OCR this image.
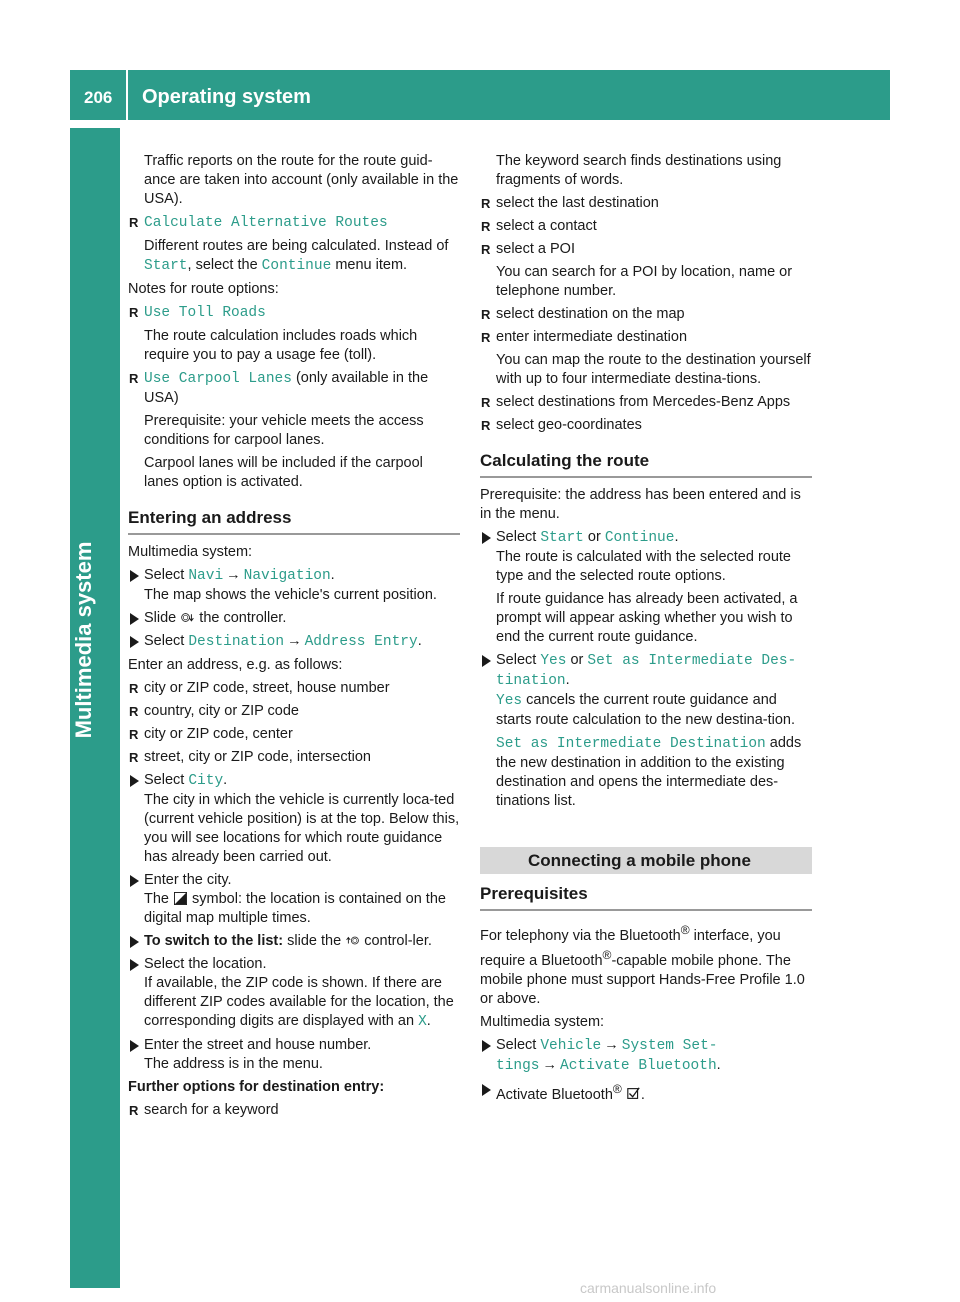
206 Operating system
Multimedia system

Traffic reports on the route for the route guid-ance are taken into account (only available in the USA).

R Calculate Alternative Routes

Different routes are being calculated. Instead of Start, select the Continue menu item.

Notes for route options:

R Use Toll Roads

The route calculation includes roads which require you to pay a usage fee (toll).

R Use Carpool Lanes (only available in the USA)

Prerequisite: your vehicle meets the access conditions for carpool lanes.

Carpool lanes will be included if the carpool lanes option is activated.

Entering an address

Multimedia system:

Select Navi → Navigation.
The map shows the vehicle's current position.

Slide  the controller.

Select Destination → Address Entry.

Enter an address, e.g. as follows:

R city or ZIP code, street, house number

R country, city or ZIP code

R city or ZIP code, center

R street, city or ZIP code, intersection

Select City.
The city in which the vehicle is currently loca-ted (current vehicle position) is at the top. Below this, you will see locations for which route guidance has already been carried out.

Enter the city.
The  symbol: the location is contained on the digital map multiple times.

To switch to the list: slide the  control-ler.

Select the location.
If available, the ZIP code is shown. If there are different ZIP codes available for the location, the corresponding digits are displayed with an X.

Enter the street and house number.
The address is in the menu.

Further options for destination entry:

R search for a keyword

The keyword search finds destinations using fragments of words.

R select the last destination

R select a contact

R select a POI

You can search for a POI by location, name or telephone number.

R select destination on the map

R enter intermediate destination

You can map the route to the destination yourself with up to four intermediate destina-tions.

R select destinations from Mercedes-Benz Apps

R select geo-coordinates

Calculating the route

Prerequisite: the address has been entered and is in the menu.

Select Start or Continue.
The route is calculated with the selected route type and the selected route options.

If route guidance has already been activated, a prompt will appear asking whether you wish to end the current route guidance.

Select Yes or Set as Intermediate Des-
tination.
Yes cancels the current route guidance and starts route calculation to the new destina-tion.

Set as Intermediate Destination adds the new destination in addition to the existing destination and opens the intermediate des-tinations list.

Connecting a mobile phone
Prerequisites

For telephony via the Bluetooth® interface, you require a Bluetooth®-capable mobile phone. The mobile phone must support Hands-Free Profile 1.0 or above.

Multimedia system:

Select Vehicle → System Set-
tings → Activate Bluetooth.

Activate Bluetooth® .

carmanualsonline.info
